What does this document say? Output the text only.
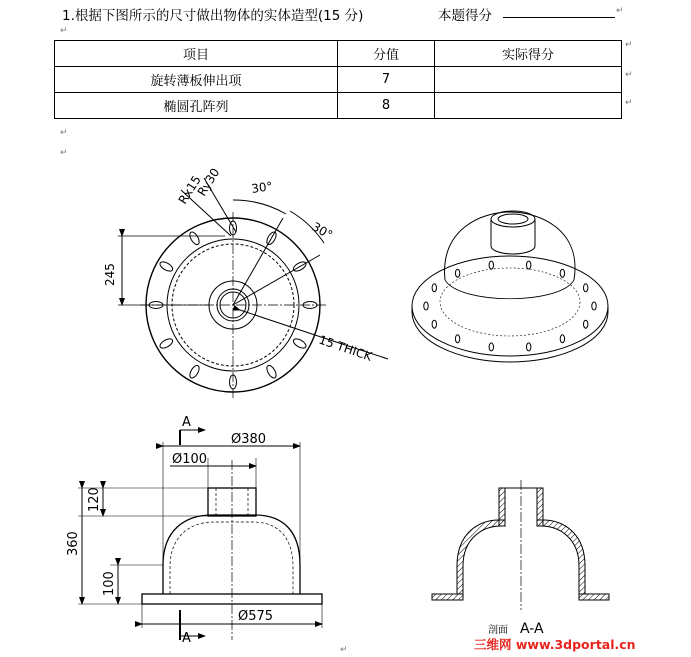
1.根据下图所示的尺寸做出物体的实体造型(15 分)	本题得分	↵
↵
↵
↵
↵
↵
↵
↵
项目	分值	实际得分
旋转薄板伸出项	7	
椭圆孔阵列	8	
Ry30
Rx15	30°
30°
245
15 THICK
A
A
Ø380
Ø100
120
360
100
Ø575
剖面 A-A
三维网 www.3dportal.cn
